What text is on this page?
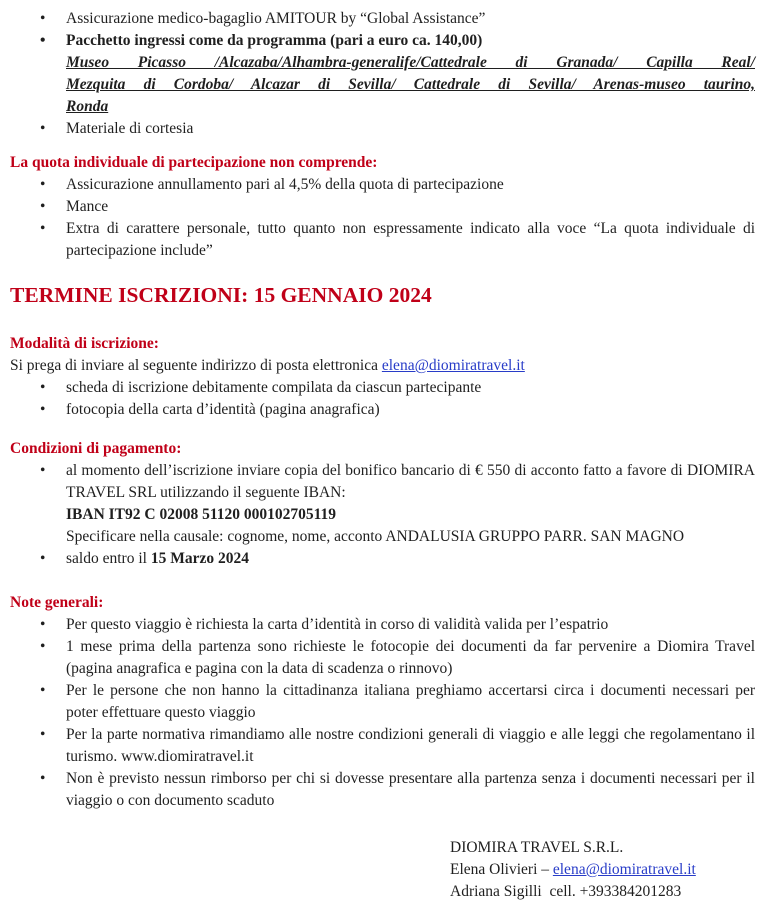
• Assicurazione medico-bagaglio AMITOUR by “Global Assistance”
• Pacchetto ingressi come da programma (pari a euro ca. 140,00)
Museo Picasso /Alcazaba/Alhambra-generalife/Cattedrale di Granada/ Capilla Real/
Mezquita di Cordoba/ Alcazar di Sevilla/ Cattedrale di Sevilla/ Arenas-museo taurino,
Ronda
• Materiale di cortesia
La quota individuale di partecipazione non comprende:
• Assicurazione annullamento pari al 4,5% della quota di partecipazione
• Mance
• Extra di carattere personale, tutto quanto non espressamente indicato alla voce “La quota individuale di partecipazione include”
TERMINE ISCRIZIONI: 15 GENNAIO 2024
Modalità di iscrizione:
Si prega di inviare al seguente indirizzo di posta elettronica elena@diomiratravel.it
• scheda di iscrizione debitamente compilata da ciascun partecipante
• fotocopia della carta d’identità (pagina anagrafica)
Condizioni di pagamento:
• al momento dell’iscrizione inviare copia del bonifico bancario di € 550 di acconto fatto a favore di DIOMIRA TRAVEL SRL utilizzando il seguente IBAN:
IBAN IT92 C 02008 51120 000102705119
Specificare nella causale: cognome, nome, acconto ANDALUSIA GRUPPO PARR. SAN MAGNO
• saldo entro il 15 Marzo 2024
Note generali:
• Per questo viaggio è richiesta la carta d’identità in corso di validità valida per l’espatrio
• 1 mese prima della partenza sono richieste le fotocopie dei documenti da far pervenire a Diomira Travel (pagina anagrafica e pagina con la data di scadenza o rinnovo)
• Per le persone che non hanno la cittadinanza italiana preghiamo accertarsi circa i documenti necessari per poter effettuare questo viaggio
• Per la parte normativa rimandiamo alle nostre condizioni generali di viaggio e alle leggi che regolamentano il turismo. www.diomiratravel.it
• Non è previsto nessun rimborso per chi si dovesse presentare alla partenza senza i documenti necessari per il viaggio o con documento scaduto
DIOMIRA TRAVEL S.R.L.
Elena Olivieri – elena@diomiratravel.it
Adriana Sigilli  cell. +393384201283
